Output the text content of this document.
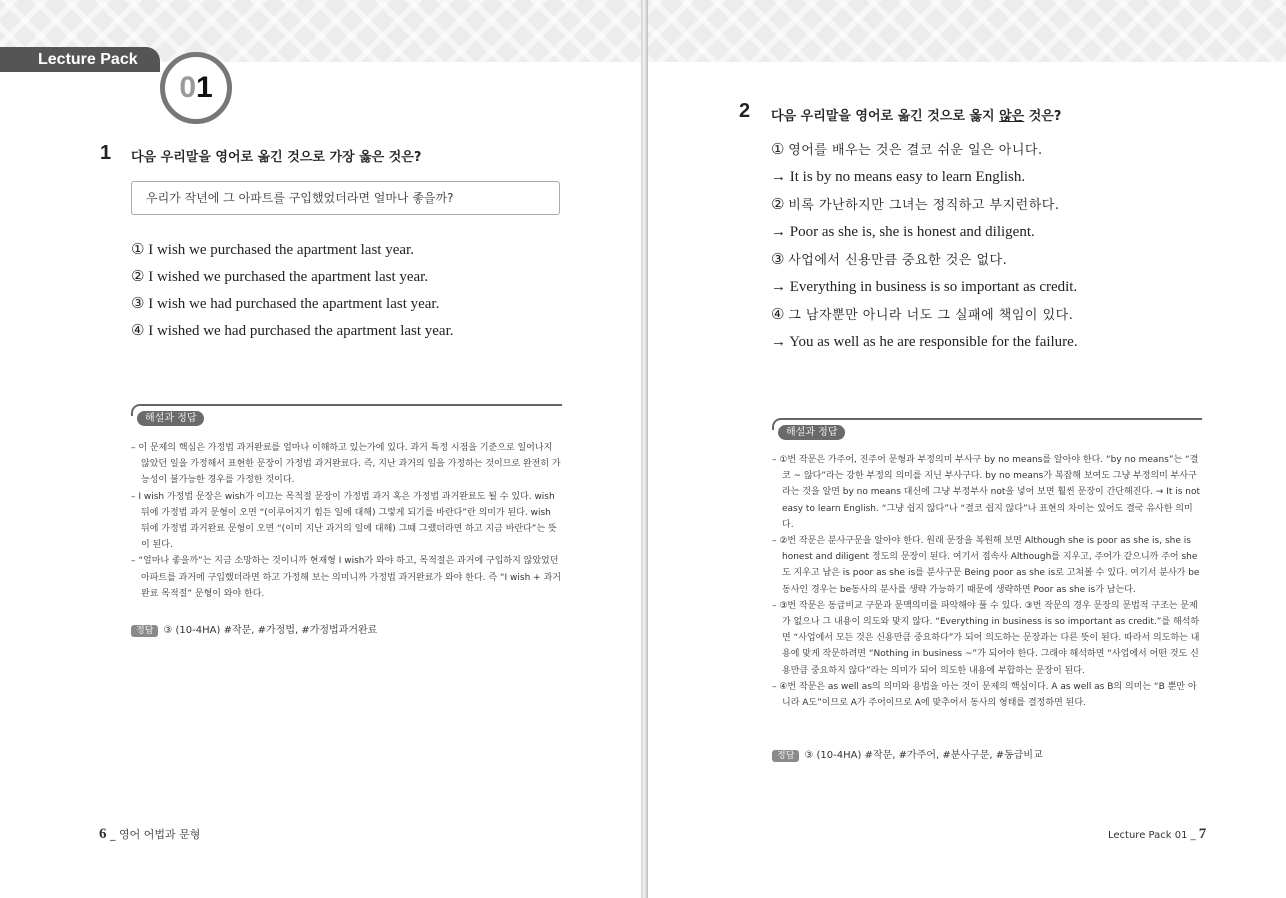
Lecture Pack
01
1 다음 우리말을 영어로 옮긴 것으로 가장 옳은 것은?
우리가 작년에 그 아파트를 구입했었더라면 얼마나 좋을까?
① I wish we purchased the apartment last year.
② I wished we purchased the apartment last year.
③ I wish we had purchased the apartment last year.
④ I wished we had purchased the apartment last year.
해설과 정답

– 이 문제의 핵심은 가정법 과거완료를 얼마나 이해하고 있는가에 있다. 과거 특정 시점을 기준으로 일어나지 않았던 일을 가정해서 표현한 문장이 가정법 과거완료다. 즉, 지난 과거의 일을 가정하는 것이므로 완전히 가능성이 불가능한 경우를 가정한 것이다.

– I wish 가정법 문장은 wish가 이끄는 목적절 문장이 가정법 과거 혹은 가정법 과거완료도 될 수 있다. wish 뒤에 가정법 과거 문형이 오면 “(이루어지기 힘든 일에 대해) 그렇게 되기를 바란다”란 의미가 된다. wish 뒤에 가정법 과거완료 문형이 오면 “(이미 지난 과거의 일에 대해) 그때 그랬더라면 하고 지금 바란다”는 뜻이 된다.

– “얼마나 좋을까”는 지금 소망하는 것이니까 현재형 I wish가 와야 하고, 목적절은 과거에 구입하지 않았었던 아파트를 과거에 구입했더라면 하고 가정해 보는 의미니까 가정법 과거완료가 와야 한다. 즉 “I wish + 과거완료 목적절” 문형이 와야 한다.

정답 ③ (10-4HA) #작문, #가정법, #가정법과거완료
2 다음 우리말을 영어로 옮긴 것으로 옳지 않은 것은?
① 영어를 배우는 것은 결코 쉬운 일은 아니다.
→ It is by no means easy to learn English.
② 비록 가난하지만 그녀는 정직하고 부지런하다.
→ Poor as she is, she is honest and diligent.
③ 사업에서 신용만큼 중요한 것은 없다.
→ Everything in business is so important as credit.
④ 그 남자뿐만 아니라 너도 그 실패에 책임이 있다.
→ You as well as he are responsible for the failure.
해설과 정답

– ①번 작문은 가주어, 진주어 문형과 부정의미 부사구 by no means를 알아야 한다. “by no means”는 “결코 ~ 않다”라는 강한 부정의 의미를 지닌 부사구다. by no means가 복잡해 보여도 그냥 부정의미 부사구라는 것을 알면 by no means 대신에 그냥 부정부사 not을 넣어 보면 훨씬 문장이 간단해진다. → It is not easy to learn English. “그냥 쉽지 않다”나 “결코 쉽지 않다”나 표현의 차이는 있어도 결국 유사한 의미다.

– ②번 작문은 분사구문을 알아야 한다. 원래 문장을 복원해 보면 Although she is poor as she is, she is honest and diligent 정도의 문장이 된다. 여기서 접속사 Although를 지우고, 주어가 같으니까 주어 she도 지우고 남은 is poor as she is를 분사구문 Being poor as she is로 고쳐볼 수 있다. 여기서 분사가 be동사인 경우는 be동사의 분사를 생략 가능하기 때문에 생략하면 Poor as she is가 남는다.

– ③번 작문은 동급비교 구문과 문맥의미를 파악해야 풀 수 있다. ③번 작문의 경우 문장의 문법적 구조는 문제가 없으나 그 내용이 의도와 맞지 않다. “Everything in business is so important as credit.”를 해석하면 “사업에서 모든 것은 신용만큼 중요하다”가 되어 의도하는 문장과는 다른 뜻이 된다. 따라서 의도하는 내용에 맞게 작문하려면 “Nothing in business ~”가 되어야 한다. 그래야 해석하면 “사업에서 어떤 것도 신용만큼 중요하지 않다”라는 의미가 되어 의도한 내용에 부합하는 문장이 된다.

– ④번 작문은 as well as의 의미와 용법을 아는 것이 문제의 핵심이다. A as well as B의 의미는 “B 뿐만 아니라 A도”이므로 A가 주어이므로 A에 맞추어서 동사의 형태를 결정하면 된다.

정답 ③ (10-4HA) #작문, #가주어, #분사구문, #동급비교
6 _ 영어 어법과 문형	Lecture Pack 01 _ 7
